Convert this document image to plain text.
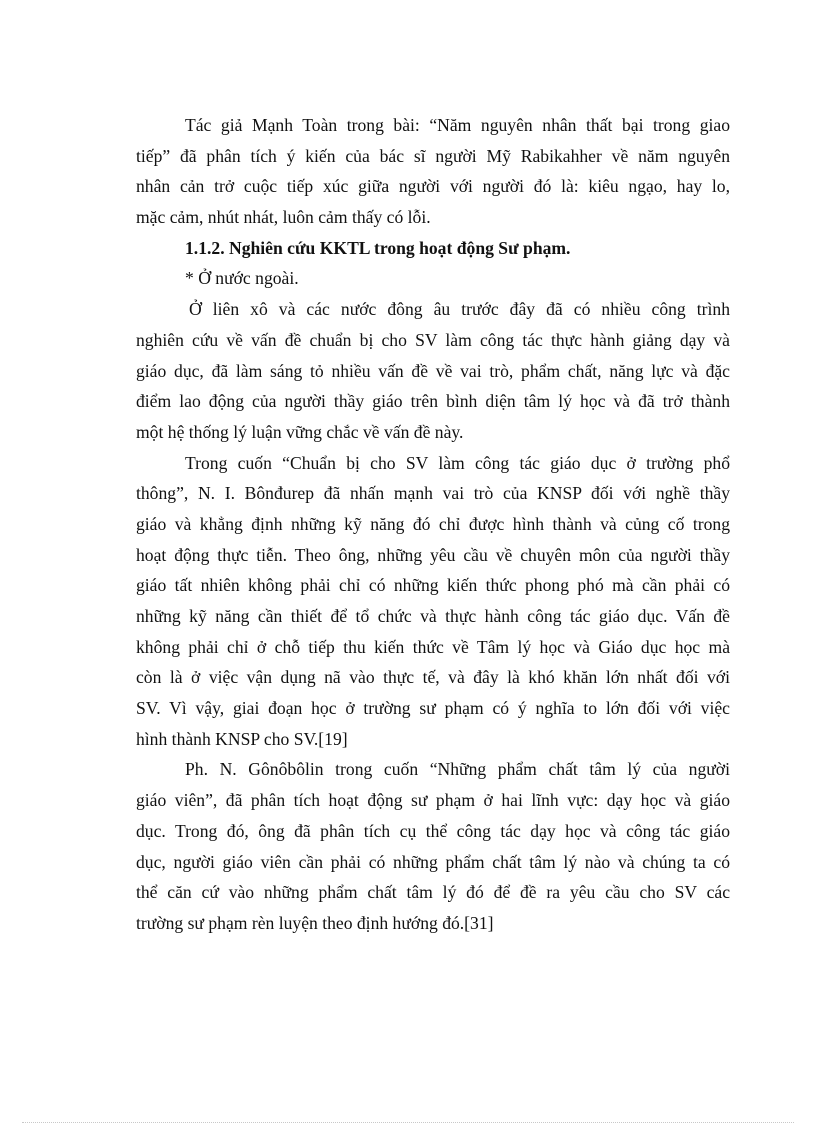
Tác giả Mạnh Toàn trong bài: “Năm nguyên nhân thất bại trong giao
tiếp” đã phân tích ý kiến của bác sĩ người Mỹ Rabikahher về năm nguyên
nhân cản trở cuộc tiếp xúc giữa người với người đó là: kiêu ngạo, hay lo,
mặc cảm, nhút nhát, luôn cảm thấy có lỗi.
1.1.2. Nghiên cứu KKTL trong hoạt động Sư phạm.
* Ở nước ngoài.
Ở liên xô và các nước đông âu trước đây đã có nhiều công trình
nghiên cứu về vấn đề chuẩn bị cho SV làm công tác thực hành giảng dạy và
giáo dục, đã làm sáng tỏ nhiều vấn đề về vai trò, phẩm chất, năng lực và đặc
điểm lao động của người thầy giáo trên bình diện tâm lý học và đã trở thành
một hệ thống lý luận vững chắc về vấn đề này.
Trong cuốn “Chuẩn bị cho SV làm công tác giáo dục ở trường phổ
thông”, N. I. Bônđurep đã nhấn mạnh vai trò của KNSP đối với nghề thầy
giáo và khẳng định những kỹ năng đó chỉ được hình thành và củng cố trong
hoạt động thực tiễn. Theo ông, những yêu cầu về chuyên môn của người thầy
giáo tất nhiên không phải chỉ có những kiến thức phong phó mà cần phải có
những kỹ năng cần thiết để tổ chức và thực hành công tác giáo dục. Vấn đề
không phải chỉ ở chỗ tiếp thu kiến thức về Tâm lý học và Giáo dục học mà
còn là ở việc vận dụng nã vào thực tế, và đây là khó khăn lớn nhất đối với
SV. Vì vậy, giai đoạn học ở trường sư phạm có ý nghĩa to lớn đối với việc
hình thành KNSP cho SV.[19]
Ph. N. Gônôbôlin trong cuốn “Những phẩm chất tâm lý của người
giáo viên”, đã phân tích hoạt động sư phạm ở hai lĩnh vực: dạy học và giáo
dục. Trong đó, ông đã phân tích cụ thể công tác dạy học và công tác giáo
dục, người giáo viên cần phải có những phẩm chất tâm lý nào và chúng ta có
thể căn cứ vào những phẩm chất tâm lý đó để đề ra yêu cầu cho SV các
trường sư phạm rèn luyện theo định hướng đó.[31]
